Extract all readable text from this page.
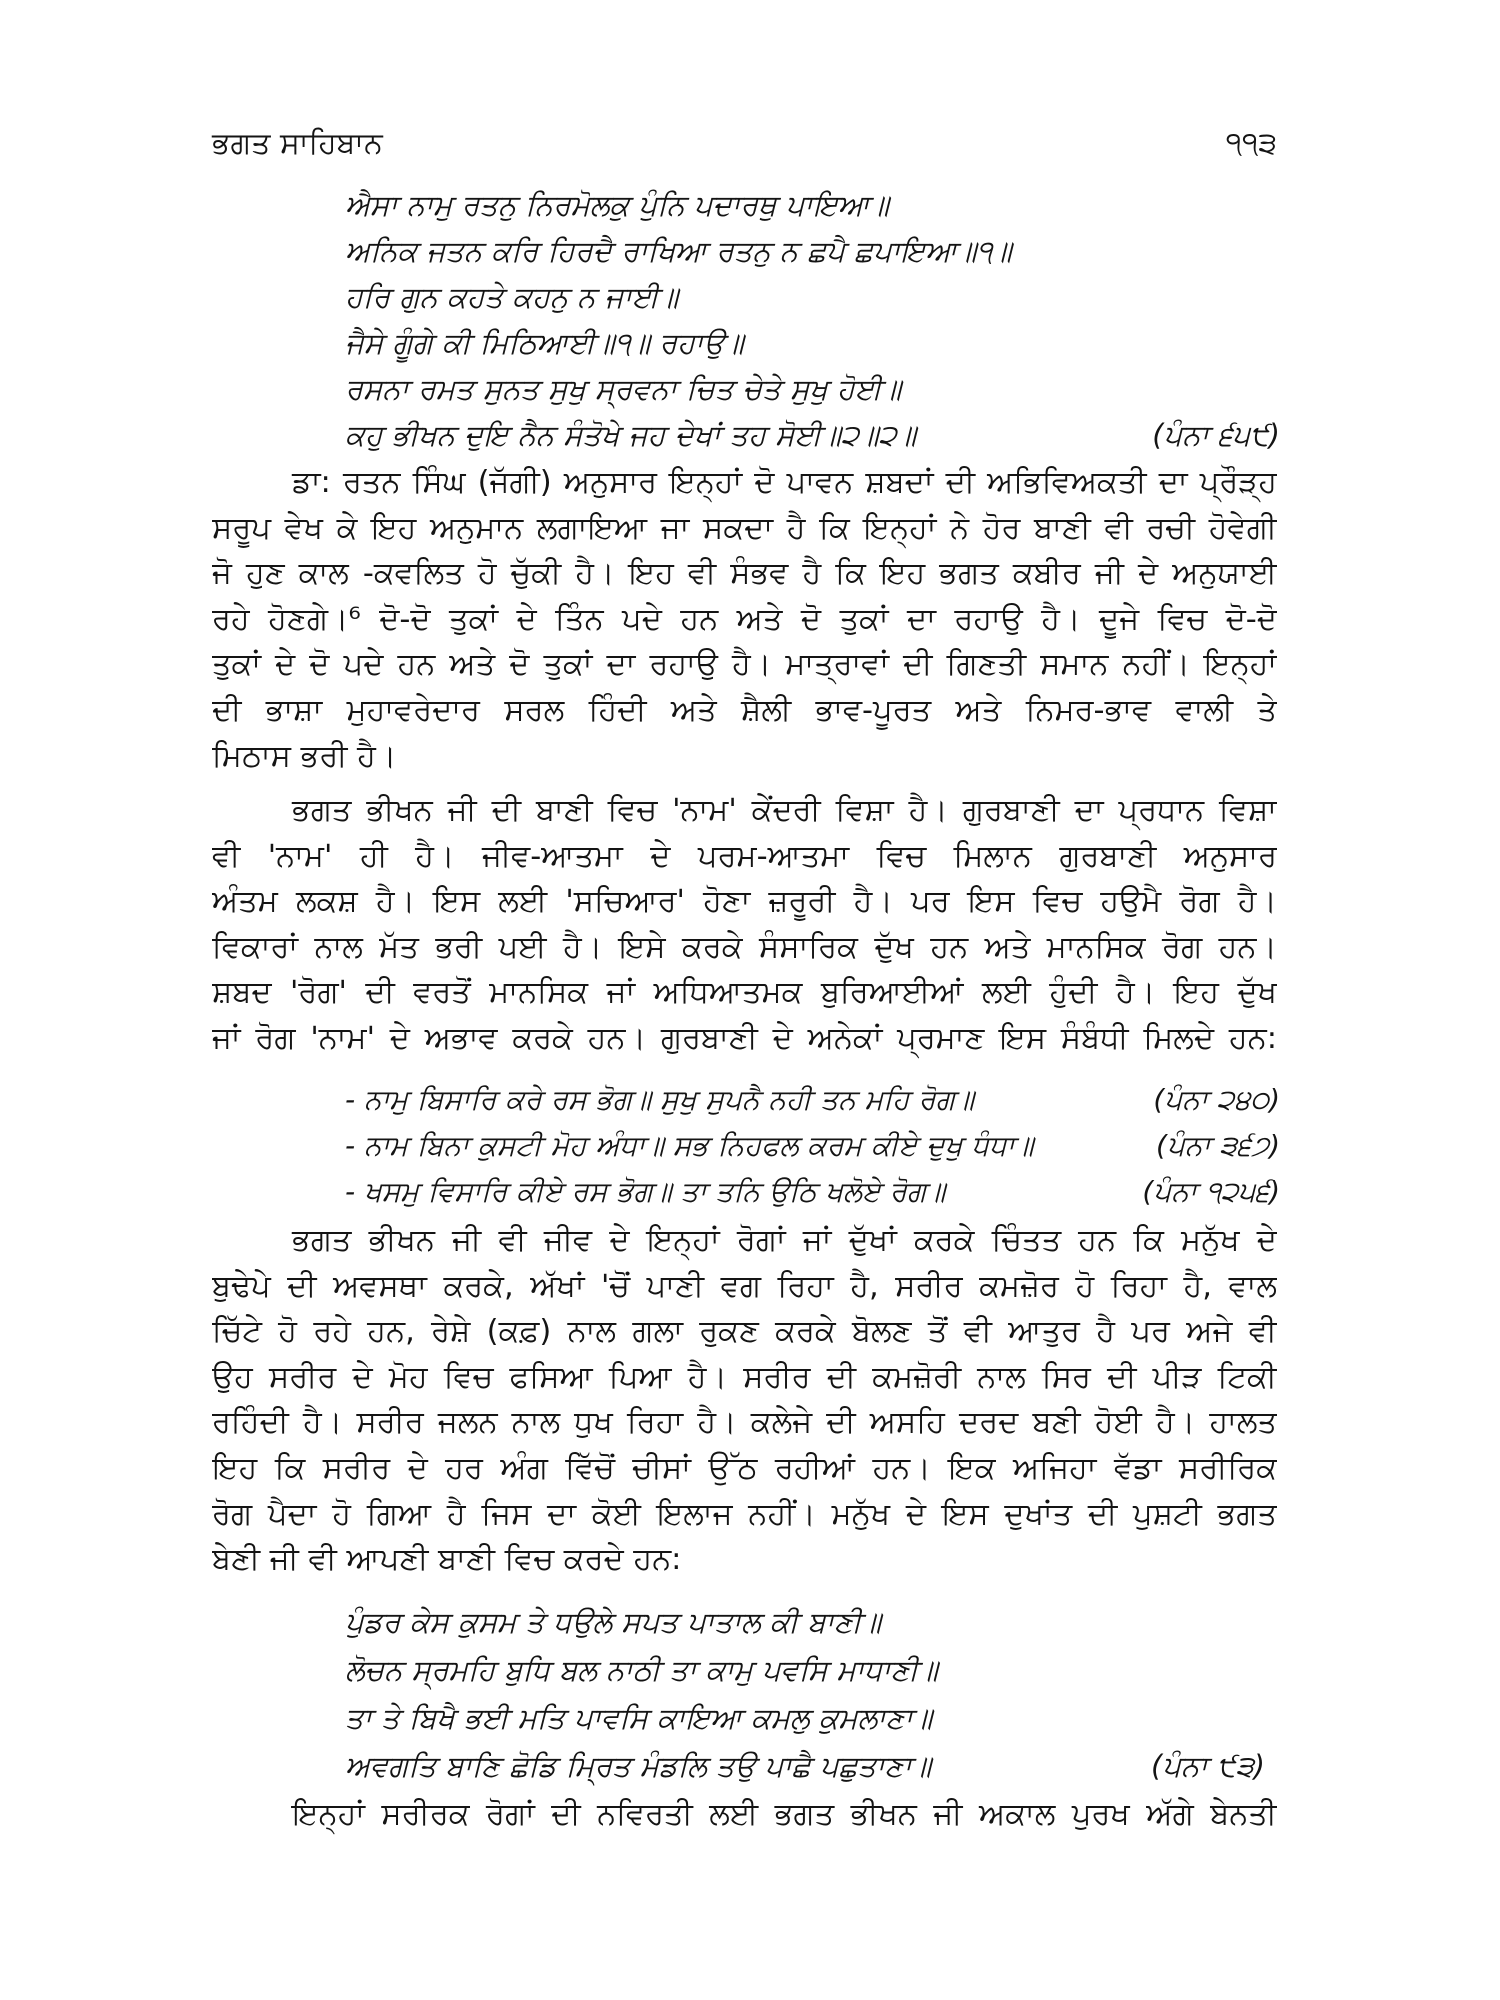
ਭਗਤ ਸਾਹਿਬਾਨ	੧੧੩
ਐਸਾ ਨਾਮੁ ਰਤਨੁ ਨਿਰਮੋਲਕੁ ਪੁੰਨਿ ਪਦਾਰਥੁ ਪਾਇਆ॥
ਅਨਿਕ ਜਤਨ ਕਰਿ ਹਿਰਦੈ ਰਾਖਿਆ ਰਤਨੁ ਨ ਛਪੈ ਛਪਾਇਆ॥੧॥
ਹਰਿ ਗੁਨ ਕਹਤੇ ਕਹਨੁ ਨ ਜਾਈ॥
ਜੈਸੇ ਗੂੰਗੇ ਕੀ ਮਿਠਿਆਈ॥੧॥ ਰਹਾਉ॥
ਰਸਨਾ ਰਮਤ ਸੁਨਤ ਸੁਖੁ ਸ੍ਰਵਨਾ ਚਿਤ ਚੇਤੇ ਸੁਖੁ ਹੋਈ॥
ਕਹੁ ਭੀਖਨ ਦੁਇ ਨੈਨ ਸੰਤੋਖੇ ਜਹ ਦੇਖਾਂ ਤਹ ਸੋਈ॥੨॥੨॥	(ਪੰਨਾ ੬੫੯)
ਡਾ: ਰਤਨ ਸਿੰਘ (ਜੱਗੀ) ਅਨੁਸਾਰ ਇਨ੍ਹਾਂ ਦੋ ਪਾਵਨ ਸ਼ਬਦਾਂ ਦੀ ਅਭਿਵਿਅਕਤੀ ਦਾ ਪ੍ਰੌੜ੍ਹ
ਸਰੂਪ ਵੇਖ ਕੇ ਇਹ ਅਨੁਮਾਨ ਲਗਾਇਆ ਜਾ ਸਕਦਾ ਹੈ ਕਿ ਇਨ੍ਹਾਂ ਨੇ ਹੋਰ ਬਾਣੀ ਵੀ ਰਚੀ ਹੋਵੇਗੀ
ਜੋ ਹੁਣ ਕਾਲ -ਕਵਲਿਤ ਹੋ ਚੁੱਕੀ ਹੈ। ਇਹ ਵੀ ਸੰਭਵ ਹੈ ਕਿ ਇਹ ਭਗਤ ਕਬੀਰ ਜੀ ਦੇ ਅਨੁਯਾਈ
ਰਹੇ ਹੋਣਗੇ।⁶ ਦੋ-ਦੋ ਤੁਕਾਂ ਦੇ ਤਿੰਨ ਪਦੇ ਹਨ ਅਤੇ ਦੋ ਤੁਕਾਂ ਦਾ ਰਹਾਉ ਹੈ। ਦੂਜੇ ਵਿਚ ਦੋ-ਦੋ
ਤੁਕਾਂ ਦੇ ਦੋ ਪਦੇ ਹਨ ਅਤੇ ਦੋ ਤੁਕਾਂ ਦਾ ਰਹਾਉ ਹੈ। ਮਾਤ੍ਰਾਵਾਂ ਦੀ ਗਿਣਤੀ ਸਮਾਨ ਨਹੀਂ। ਇਨ੍ਹਾਂ
ਦੀ ਭਾਸ਼ਾ ਮੁਹਾਵਰੇਦਾਰ ਸਰਲ ਹਿੰਦੀ ਅਤੇ ਸ਼ੈਲੀ ਭਾਵ-ਪੂਰਤ ਅਤੇ ਨਿਮਰ-ਭਾਵ ਵਾਲੀ ਤੇ
ਮਿਠਾਸ ਭਰੀ ਹੈ।
ਭਗਤ ਭੀਖਨ ਜੀ ਦੀ ਬਾਣੀ ਵਿਚ 'ਨਾਮ' ਕੇਂਦਰੀ ਵਿਸ਼ਾ ਹੈ। ਗੁਰਬਾਣੀ ਦਾ ਪ੍ਰਧਾਨ ਵਿਸ਼ਾ
ਵੀ 'ਨਾਮ' ਹੀ ਹੈ। ਜੀਵ-ਆਤਮਾ ਦੇ ਪਰਮ-ਆਤਮਾ ਵਿਚ ਮਿਲਾਨ ਗੁਰਬਾਣੀ ਅਨੁਸਾਰ
ਅੰਤਮ ਲਕਸ਼ ਹੈ। ਇਸ ਲਈ 'ਸਚਿਆਰ' ਹੋਣਾ ਜ਼ਰੂਰੀ ਹੈ। ਪਰ ਇਸ ਵਿਚ ਹਉਮੈ ਰੋਗ ਹੈ।
ਵਿਕਾਰਾਂ ਨਾਲ ਮੱਤ ਭਰੀ ਪਈ ਹੈ। ਇਸੇ ਕਰਕੇ ਸੰਸਾਰਿਕ ਦੁੱਖ ਹਨ ਅਤੇ ਮਾਨਸਿਕ ਰੋਗ ਹਨ।
ਸ਼ਬਦ 'ਰੋਗ' ਦੀ ਵਰਤੋਂ ਮਾਨਸਿਕ ਜਾਂ ਅਧਿਆਤਮਕ ਬੁਰਿਆਈਆਂ ਲਈ ਹੁੰਦੀ ਹੈ। ਇਹ ਦੁੱਖ
ਜਾਂ ਰੋਗ 'ਨਾਮ' ਦੇ ਅਭਾਵ ਕਰਕੇ ਹਨ। ਗੁਰਬਾਣੀ ਦੇ ਅਨੇਕਾਂ ਪ੍ਰਮਾਣ ਇਸ ਸੰਬੰਧੀ ਮਿਲਦੇ ਹਨ:
- ਨਾਮੁ ਬਿਸਾਰਿ ਕਰੇ ਰਸ ਭੋਗ॥ ਸੁਖੁ ਸੁਪਨੈ ਨਹੀ ਤਨ ਮਹਿ ਰੋਗ॥	(ਪੰਨਾ ੨੪੦)
- ਨਾਮ ਬਿਨਾ ਕੁਸਟੀ ਮੋਹ ਅੰਧਾ॥ ਸਭ ਨਿਹਫਲ ਕਰਮ ਕੀਏ ਦੁਖੁ ਧੰਧਾ॥	(ਪੰਨਾ ੩੬੭)
- ਖਸਮੁ ਵਿਸਾਰਿ ਕੀਏ ਰਸ ਭੋਗ॥ ਤਾ ਤਨਿ ਉਠਿ ਖਲੋਏ ਰੋਗ॥	(ਪੰਨਾ ੧੨੫੬)
ਭਗਤ ਭੀਖਨ ਜੀ ਵੀ ਜੀਵ ਦੇ ਇਨ੍ਹਾਂ ਰੋਗਾਂ ਜਾਂ ਦੁੱਖਾਂ ਕਰਕੇ ਚਿੰਤਤ ਹਨ ਕਿ ਮਨੁੱਖ ਦੇ
ਬੁਢੇਪੇ ਦੀ ਅਵਸਥਾ ਕਰਕੇ, ਅੱਖਾਂ 'ਚੋਂ ਪਾਣੀ ਵਗ ਰਿਹਾ ਹੈ, ਸਰੀਰ ਕਮਜ਼ੋਰ ਹੋ ਰਿਹਾ ਹੈ, ਵਾਲ
ਚਿੱਟੇ ਹੋ ਰਹੇ ਹਨ, ਰੇਸ਼ੇ (ਕਫ਼) ਨਾਲ ਗਲਾ ਰੁਕਣ ਕਰਕੇ ਬੋਲਣ ਤੋਂ ਵੀ ਆਤੁਰ ਹੈ ਪਰ ਅਜੇ ਵੀ
ਉਹ ਸਰੀਰ ਦੇ ਮੋਹ ਵਿਚ ਫਸਿਆ ਪਿਆ ਹੈ। ਸਰੀਰ ਦੀ ਕਮਜ਼ੋਰੀ ਨਾਲ ਸਿਰ ਦੀ ਪੀੜ ਟਿਕੀ
ਰਹਿੰਦੀ ਹੈ। ਸਰੀਰ ਜਲਨ ਨਾਲ ਧੁਖ ਰਿਹਾ ਹੈ। ਕਲੇਜੇ ਦੀ ਅਸਹਿ ਦਰਦ ਬਣੀ ਹੋਈ ਹੈ। ਹਾਲਤ
ਇਹ ਕਿ ਸਰੀਰ ਦੇ ਹਰ ਅੰਗ ਵਿੱਚੋਂ ਚੀਸਾਂ ਉੱਠ ਰਹੀਆਂ ਹਨ। ਇਕ ਅਜਿਹਾ ਵੱਡਾ ਸਰੀਰਿਕ
ਰੋਗ ਪੈਦਾ ਹੋ ਗਿਆ ਹੈ ਜਿਸ ਦਾ ਕੋਈ ਇਲਾਜ ਨਹੀਂ। ਮਨੁੱਖ ਦੇ ਇਸ ਦੁਖਾਂਤ ਦੀ ਪੁਸ਼ਟੀ ਭਗਤ
ਬੇਣੀ ਜੀ ਵੀ ਆਪਣੀ ਬਾਣੀ ਵਿਚ ਕਰਦੇ ਹਨ:
ਪੁੰਡਰ ਕੇਸ ਕੁਸਮ ਤੇ ਧਉਲੇ ਸਪਤ ਪਾਤਾਲ ਕੀ ਬਾਣੀ॥
ਲੋਚਨ ਸ੍ਰਮਹਿ ਬੁਧਿ ਬਲ ਨਾਠੀ ਤਾ ਕਾਮੁ ਪਵਸਿ ਮਾਧਾਣੀ॥
ਤਾ ਤੇ ਬਿਖੈ ਭਈ ਮਤਿ ਪਾਵਸਿ ਕਾਇਆ ਕਮਲੁ ਕੁਮਲਾਣਾ॥
ਅਵਗਤਿ ਬਾਣਿ ਛੋਡਿ ਮ੍ਰਿਤ ਮੰਡਲਿ ਤਉ ਪਾਛੈ ਪਛੁਤਾਣਾ॥	(ਪੰਨਾ ੯੩)
ਇਨ੍ਹਾਂ ਸਰੀਰਕ ਰੋਗਾਂ ਦੀ ਨਵਿਰਤੀ ਲਈ ਭਗਤ ਭੀਖਨ ਜੀ ਅਕਾਲ ਪੁਰਖ ਅੱਗੇ ਬੇਨਤੀ
